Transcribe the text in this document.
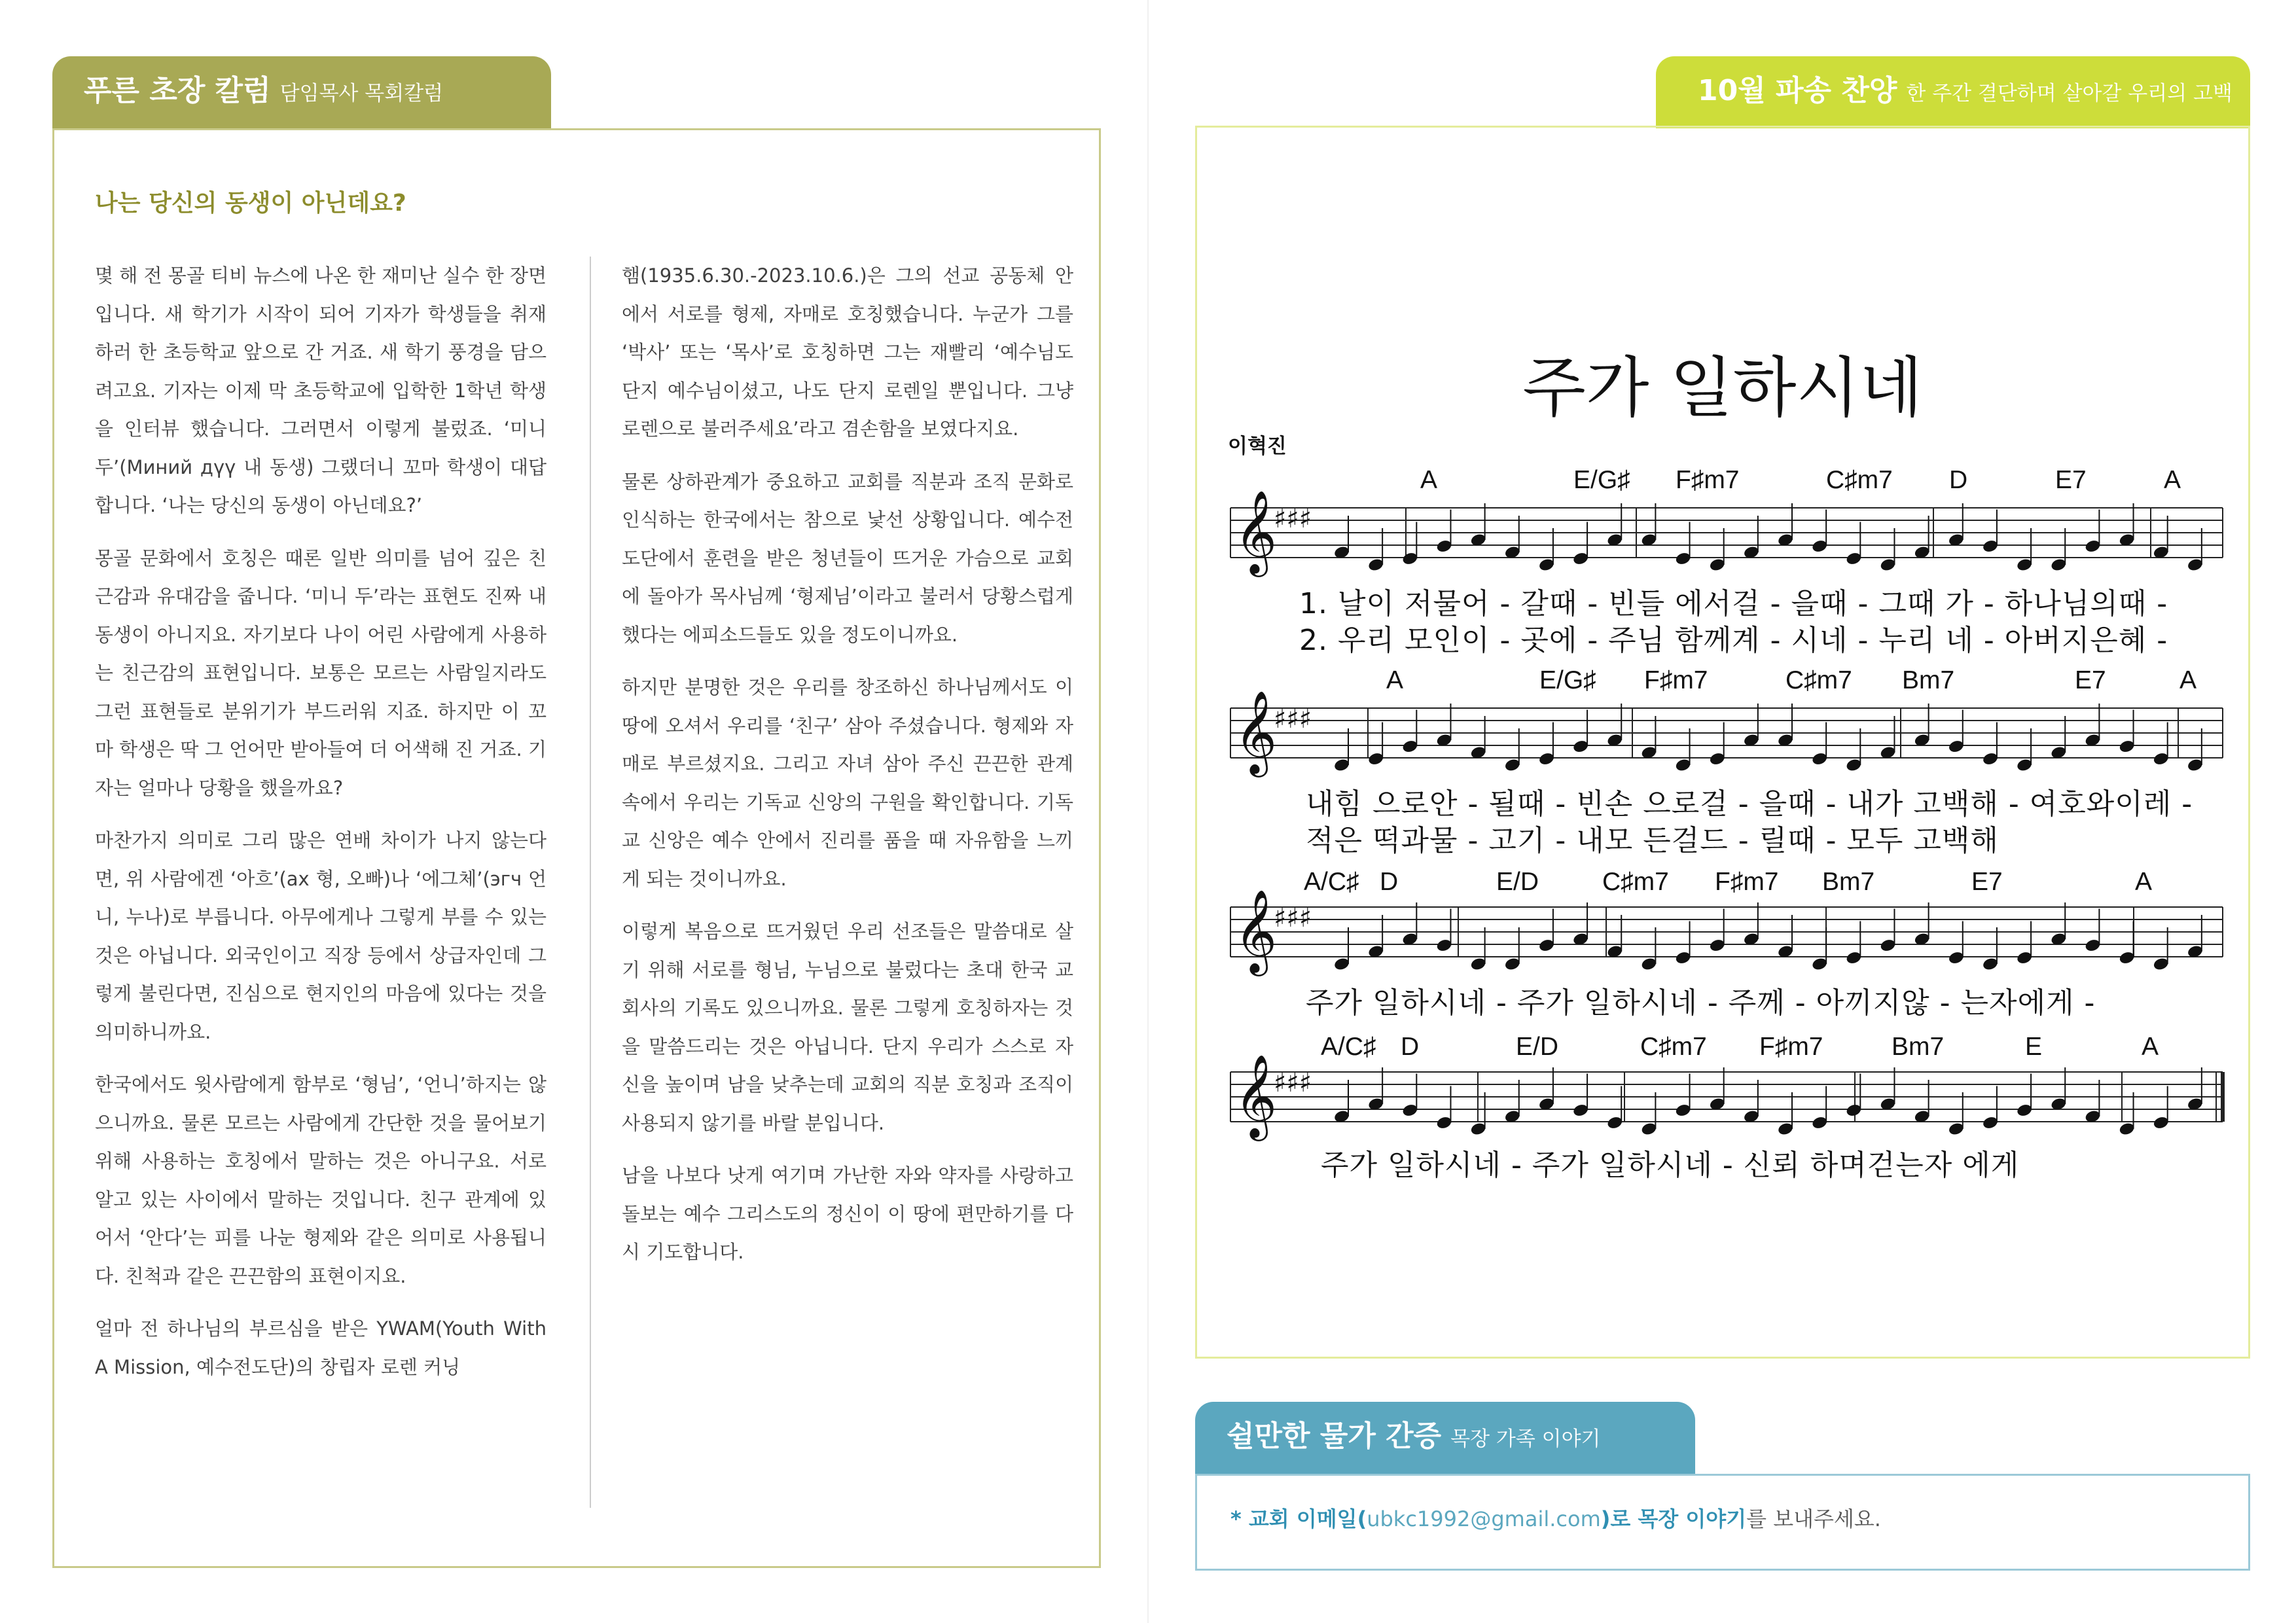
푸른 초장 칼럼 담임목사 목회칼럼
나는 당신의 동생이 아닌데요?

몇 해 전 몽골 티비 뉴스에 나온 한 재미난 실수 한 장면입니다. 새 학기가 시작이 되어 기자가 학생들을 취재하러 한 초등학교 앞으로 간 거죠. 새 학기 풍경을 담으려고요. 기자는 이제 막 초등학교에 입학한 1학년 학생을 인터뷰 했습니다. 그러면서 이렇게 불렀죠. ‘미니 두’(Миний дүү 내 동생) 그랬더니 꼬마 학생이 대답합니다. ‘나는 당신의 동생이 아닌데요?’

몽골 문화에서 호칭은 때론 일반 의미를 넘어 깊은 친근감과 유대감을 줍니다. ‘미니 두’라는 표현도 진짜 내 동생이 아니지요. 자기보다 나이 어린 사람에게 사용하는 친근감의 표현입니다. 보통은 모르는 사람일지라도 그런 표현들로 분위기가 부드러워 지죠. 하지만 이 꼬마 학생은 딱 그 언어만 받아들여 더 어색해 진 거죠. 기자는 얼마나 당황을 했을까요?

마찬가지 의미로 그리 많은 연배 차이가 나지 않는다면, 위 사람에겐 ‘아흐’(ax 형, 오빠)나 ‘에그체’(эгч 언니, 누나)로 부릅니다. 아무에게나 그렇게 부를 수 있는 것은 아닙니다. 외국인이고 직장 등에서 상급자인데 그렇게 불린다면, 진심으로 현지인의 마음에 있다는 것을 의미하니까요.

한국에서도 윗사람에게 함부로 ‘형님’, ‘언니’하지는 않으니까요. 물론 모르는 사람에게 간단한 것을 물어보기 위해 사용하는 호칭에서 말하는 것은 아니구요. 서로 알고 있는 사이에서 말하는 것입니다. 친구 관계에 있어서 ‘안다’는 피를 나눈 형제와 같은 의미로 사용됩니다. 친척과 같은 끈끈함의 표현이지요.

얼마 전 하나님의 부르심을 받은 YWAM(Youth With A Mission, 예수전도단)의 창립자 로렌 커닝

햄(1935.6.30.-2023.10.6.)은 그의 선교 공동체 안에서 서로를 형제, 자매로 호칭했습니다. 누군가 그를 ‘박사’ 또는 ‘목사’로 호칭하면 그는 재빨리 ‘예수님도 단지 예수님이셨고, 나도 단지 로렌일 뿐입니다. 그냥 로렌으로 불러주세요’라고 겸손함을 보였다지요.

물론 상하관계가 중요하고 교회를 직분과 조직 문화로 인식하는 한국에서는 참으로 낯선 상황입니다. 예수전도단에서 훈련을 받은 청년들이 뜨거운 가슴으로 교회에 돌아가 목사님께 ‘형제님’이라고 불러서 당황스럽게 했다는 에피소드들도 있을 정도이니까요.

하지만 분명한 것은 우리를 창조하신 하나님께서도 이 땅에 오셔서 우리를 ‘친구’ 삼아 주셨습니다. 형제와 자매로 부르셨지요. 그리고 자녀 삼아 주신 끈끈한 관계 속에서 우리는 기독교 신앙의 구원을 확인합니다. 기독교 신앙은 예수 안에서 진리를 품을 때 자유함을 느끼게 되는 것이니까요.

이렇게 복음으로 뜨거웠던 우리 선조들은 말씀대로 살기 위해 서로를 형님, 누님으로 불렀다는 초대 한국 교회사의 기록도 있으니까요. 물론 그렇게 호칭하자는 것을 말씀드리는 것은 아닙니다. 단지 우리가 스스로 자신을 높이며 남을 낮추는데 교회의 직분 호칭과 조직이 사용되지 않기를 바랄 분입니다.

남을 나보다 낫게 여기며 가난한 자와 약자를 사랑하고 돌보는 예수 그리스도의 정신이 이 땅에 편만하기를 다시 기도합니다.

10월 파송 찬양 한 주간 결단하며 살아갈 우리의 고백
주가 일하시네
이혁진
𝄞
♯♯♯
𝄞
♯♯♯
𝄞
♯♯♯
𝄞
♯♯♯
A	E/G♯ F♯m7	C♯m7 D	E7	A
1. 날이 저물어 - 갈때 - 빈들 에서걸 - 을때 - 그때 가 - 하나님의때 -
2. 우리 모인이 - 곳에 - 주님 함께계 - 시네 - 누리 네 - 아버지은혜 -
A	E/G♯ F♯m7	C♯m7 Bm7	E7	A
내힘 으로안 - 될때 - 빈손 으로걸 - 을때 - 내가 고백해 - 여호와이레 -
적은 떡과물 - 고기 - 내모 든걸드 - 릴때 - 모두 고백해
A/C♯ D	E/D C♯m7 F♯m7 Bm7	E7	A
주가 일하시네 - 주가 일하시네 - 주께 - 아끼지않 - 는자에게 -
A/C♯ D	E/D	C♯m7 F♯m7	Bm7	E	A
주가 일하시네 - 주가 일하시네 - 신뢰 하며걷는자 에게
쉴만한 물가 간증 목장 가족 이야기
* 교회 이메일(ubkc1992@gmail.com)로 목장 이야기를 보내주세요.
